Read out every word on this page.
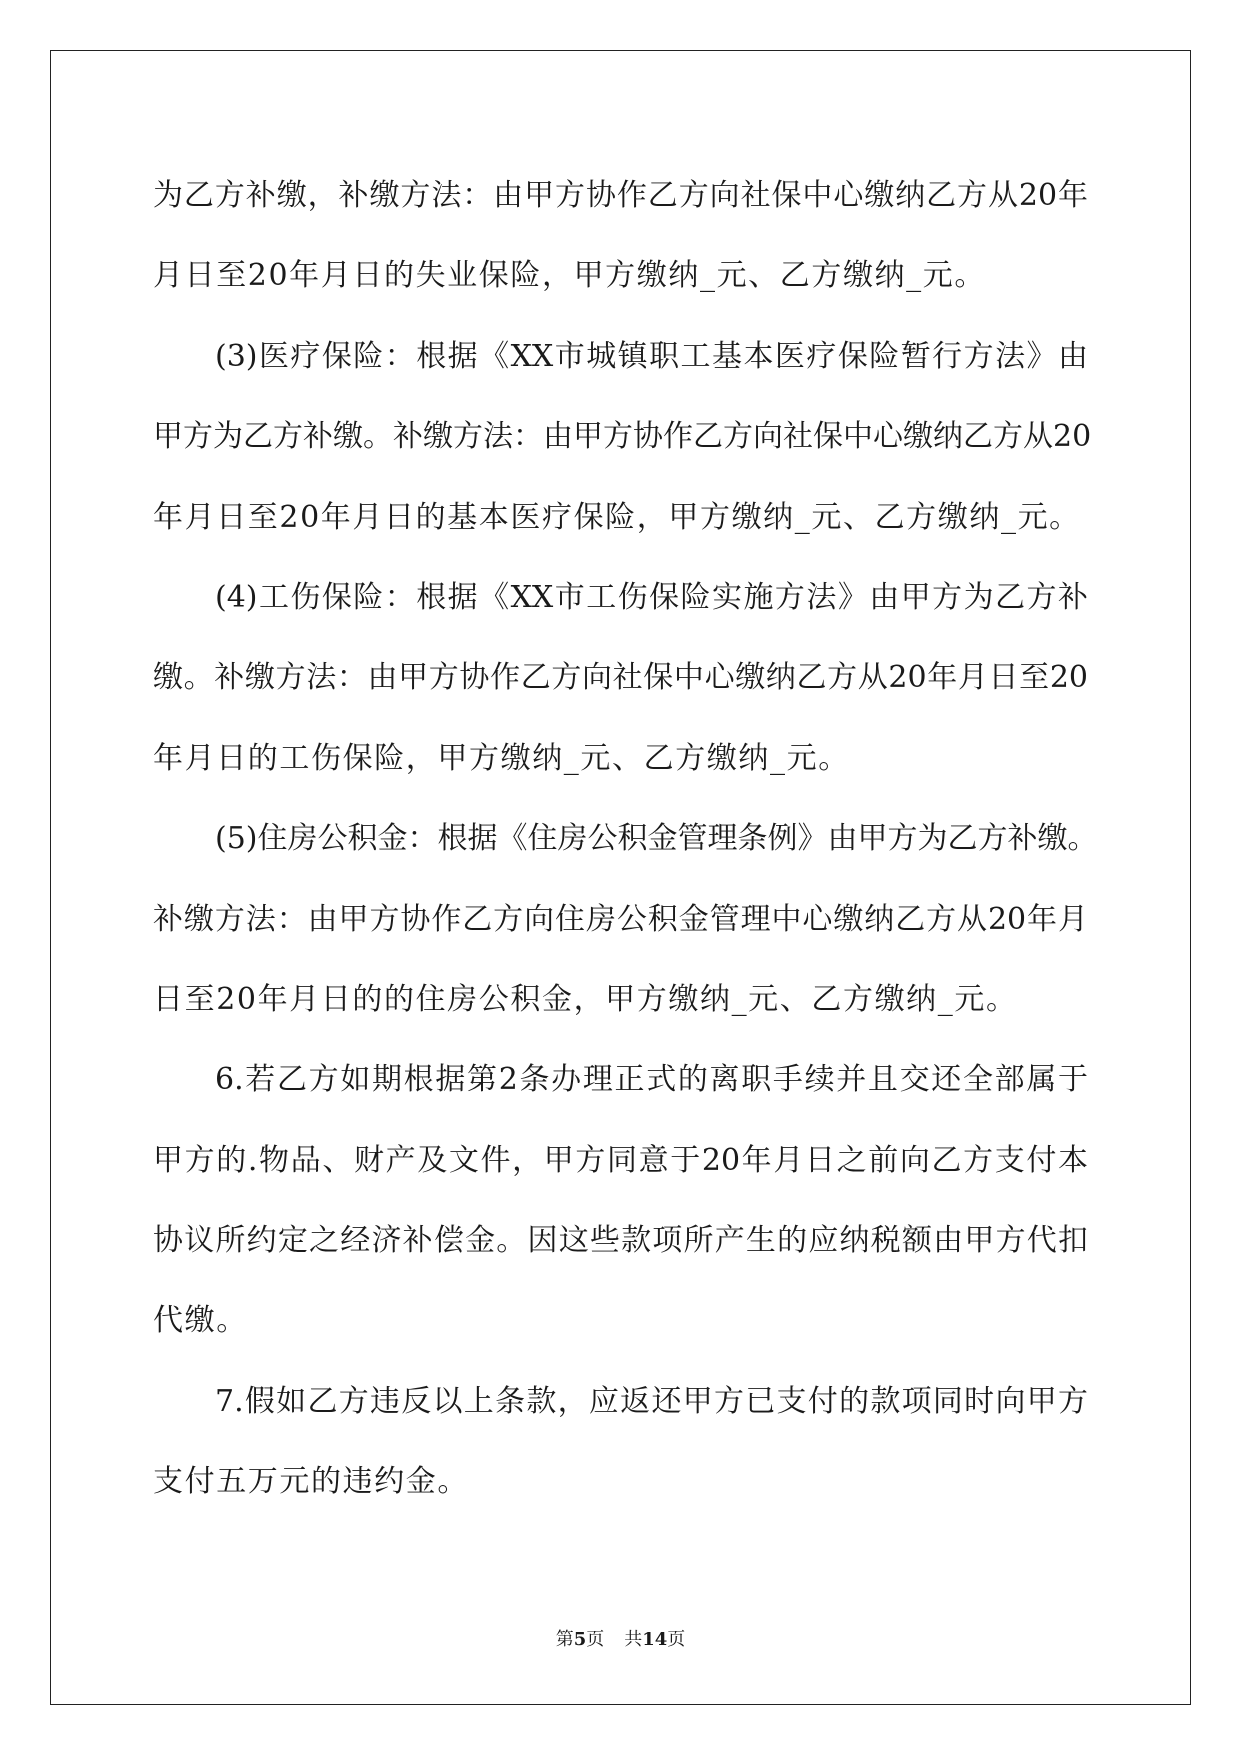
为乙方补缴，补缴方法：由甲方协作乙方向社保中心缴纳乙方从20年
月日至20年月日的失业保险，甲方缴纳_元、乙方缴纳_元。
(3)医疗保险：根据《XX市城镇职工基本医疗保险暂行方法》由
甲方为乙方补缴。补缴方法：由甲方协作乙方向社保中心缴纳乙方从20
年月日至20年月日的基本医疗保险，甲方缴纳_元、乙方缴纳_元。
(4)工伤保险：根据《XX市工伤保险实施方法》由甲方为乙方补
缴。补缴方法：由甲方协作乙方向社保中心缴纳乙方从20年月日至20
年月日的工伤保险，甲方缴纳_元、乙方缴纳_元。
(5)住房公积金：根据《住房公积金管理条例》由甲方为乙方补缴。
补缴方法：由甲方协作乙方向住房公积金管理中心缴纳乙方从20年月
日至20年月日的的住房公积金，甲方缴纳_元、乙方缴纳_元。
6.若乙方如期根据第2条办理正式的离职手续并且交还全部属于
甲方的.物品、财产及文件，甲方同意于20年月日之前向乙方支付本
协议所约定之经济补偿金。因这些款项所产生的应纳税额由甲方代扣
代缴。
7.假如乙方违反以上条款，应返还甲方已支付的款项同时向甲方
支付五万元的违约金。
第5页 共14页
